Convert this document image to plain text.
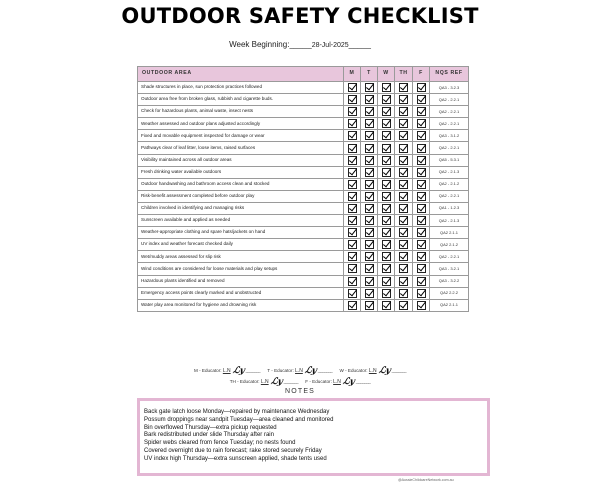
OUTDOOR SAFETY CHECKLIST
Week Beginning:_____28-Jul-2025_____
OUTDOOR AREA	M	T	W	TH	F	NQS REF
Shade structures in place, sun protection practices followed						QA3 - 3.2.3
Outdoor area free from broken glass, rubbish and cigarette buds.						QA2 - 2.2.1
Check for hazardous plants, animal waste, insect nests						QA2 - 2.2.1
Weather assessed and outdoor plans adjusted accordingly						QA2 - 2.2.1
Fixed and movable equipment inspected for damage or wear						QA3 - 3.1.2
Pathways clear of leaf litter, loose items, raised surfaces						QA2 - 2.2.1
Visibility maintained across all outdoor areas						QA5 - 5.3.1
Fresh drinking water available outdoors						QA2 - 2.1.3
Outdoor handwashing and bathroom access clean and stocked						QA2 - 2.1.2
Risk-benefit assessment completed before outdoor play						QA2 - 2.2.1
Children involved in identifying and managing risks						QA1 - 1.2.3
Sunscreen available and applied as needed						QA2 - 2.1.3
Weather-appropriate clothing and spare hats/jackets on hand						QA2 2.1.1
UV index and weather forecast checked daily						QA2 2.1.2
Wet/muddy areas assessed for slip risk						QA2 - 2.2.1
Wind conditions are considered for loose materials and play setups						QA3 - 3.2.1
Hazardous plants identified and removed						QA3 - 3.2.2
Emergency access points clearly marked and unobstructed						QA2 2.2.2
Water play area monitored for hygiene and drowning risk						QA2 2.1.1
M - Educator: L.N ℒy_______ T - Educator: L.N ℒy_______ W - Educator: L.N ℒy_______
TH - Educator: L.N ℒy_______ F - Educator: L.N ℒy_______
NOTES
Back gate latch loose Monday—repaired by maintenance Wednesday
Possum droppings near sandpit Tuesday—area cleaned and monitored
Bin overflowed Thursday—extra pickup requested
Bark redistributed under slide Thursday after rain
Spider webs cleared from fence Tuesday; no nests found
Covered overnight due to rain forecast; rake stored securely Friday
UV index high Thursday—extra sunscreen applied, shade tents used
@AussieChildcareNetwork.com.au
